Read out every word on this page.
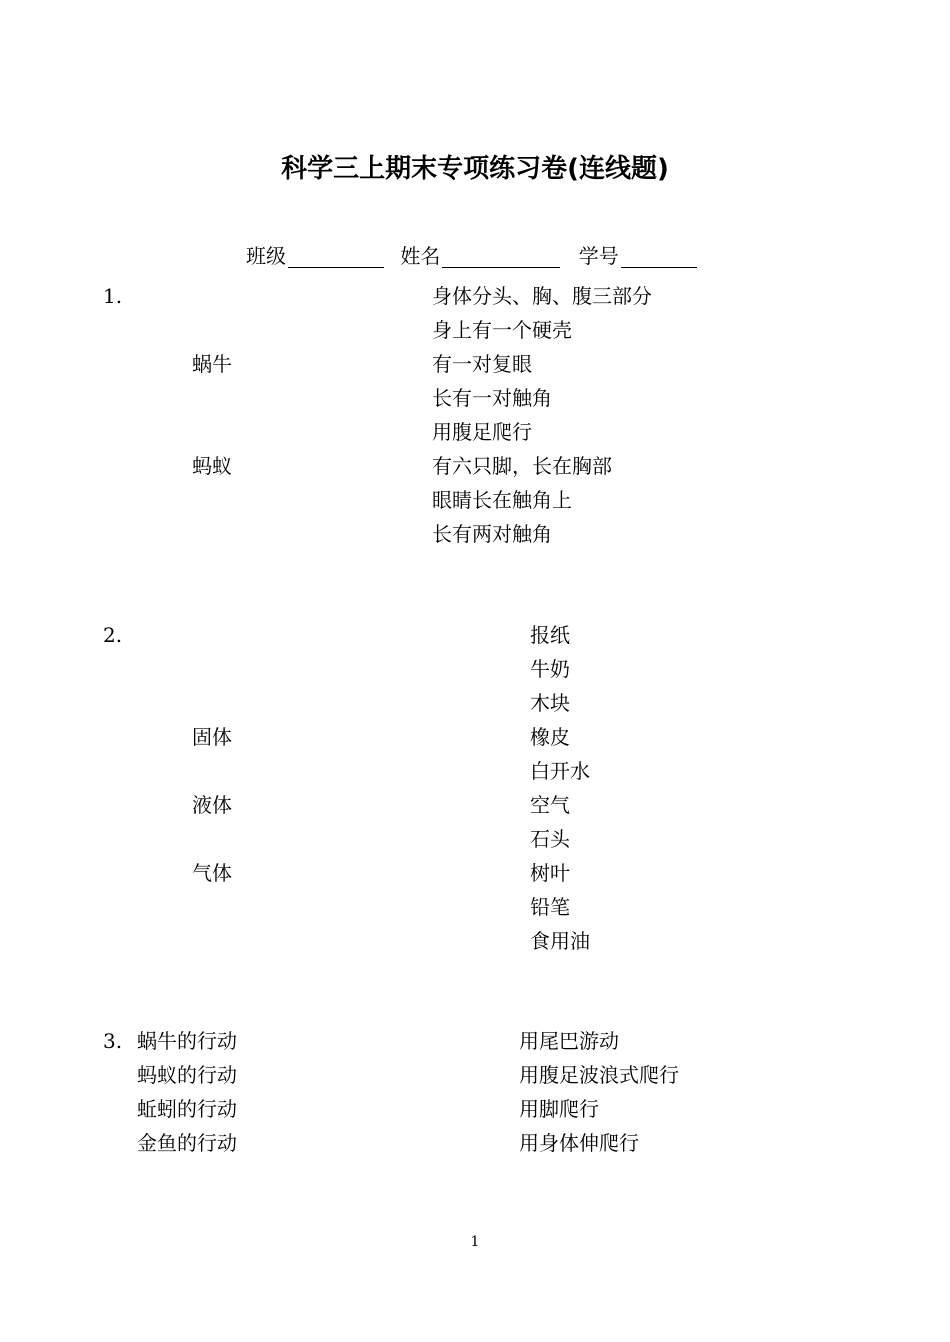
科学三上期末专项练习卷(连线题)
班级	姓名	学号
1.
蜗牛
蚂蚁
身体分头、胸、腹三部分
身上有一个硬壳
有一对复眼
长有一对触角
用腹足爬行
有六只脚，长在胸部
眼睛长在触角上
长有两对触角
2.
固体
液体
气体
报纸
牛奶
木块
橡皮
白开水
空气
石头
树叶
铅笔
食用油
3. 蜗牛的行动
蚂蚁的行动
蚯蚓的行动
金鱼的行动
用尾巴游动
用腹足波浪式爬行
用脚爬行
用身体伸爬行
1
